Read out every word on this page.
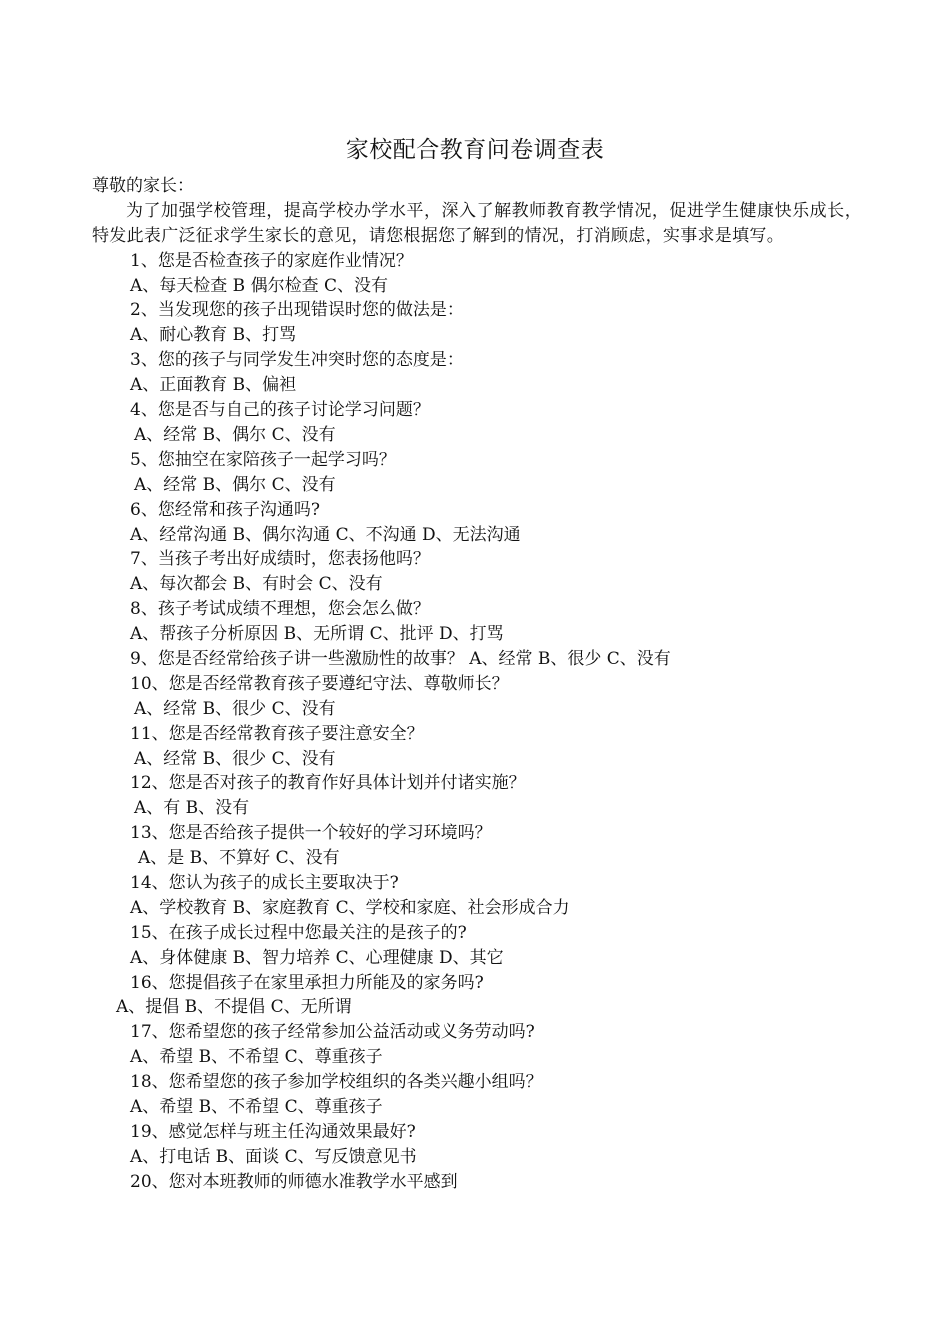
家校配合教育问卷调查表
尊敬的家长：
为了加强学校管理，提高学校办学水平，深入了解教师教育教学情况，促进学生健康快乐成长，特发此表广泛征求学生家长的意见，请您根据您了解到的情况，打消顾虑，实事求是填写。
1、您是否检查孩子的家庭作业情况？
A、每天检查 B 偶尔检查 C、没有
2、当发现您的孩子出现错误时您的做法是：
A、耐心教育 B、打骂
3、您的孩子与同学发生冲突时您的态度是：
A、正面教育 B、偏袒
4、您是否与自己的孩子讨论学习问题？
A、经常 B、偶尔 C、没有
5、您抽空在家陪孩子一起学习吗？
A、经常 B、偶尔 C、没有
6、您经常和孩子沟通吗?
A、经常沟通 B、偶尔沟通 C、不沟通 D、无法沟通
7、当孩子考出好成绩时，您表扬他吗？
A、每次都会 B、有时会 C、没有
8、孩子考试成绩不理想，您会怎么做？
A、帮孩子分析原因 B、无所谓 C、批评 D、打骂
9、您是否经常给孩子讲一些激励性的故事？ A、经常 B、很少 C、没有
10、您是否经常教育孩子要遵纪守法、尊敬师长？
A、经常 B、很少 C、没有
11、您是否经常教育孩子要注意安全？
A、经常 B、很少 C、没有
12、您是否对孩子的教育作好具体计划并付诸实施？
A、有 B、没有
13、您是否给孩子提供一个较好的学习环境吗？
A、是 B、不算好 C、没有
14、您认为孩子的成长主要取决于?
A、学校教育 B、家庭教育 C、学校和家庭、社会形成合力
15、在孩子成长过程中您最关注的是孩子的?
A、身体健康 B、智力培养 C、心理健康 D、其它
16、您提倡孩子在家里承担力所能及的家务吗?
A、提倡 B、不提倡 C、无所谓
17、您希望您的孩子经常参加公益活动或义务劳动吗?
A、希望 B、不希望 C、尊重孩子
18、您希望您的孩子参加学校组织的各类兴趣小组吗？
A、希望 B、不希望 C、尊重孩子
19、感觉怎样与班主任沟通效果最好?
A、打电话 B、面谈 C、写反馈意见书
20、您对本班教师的师德水准教学水平感到
